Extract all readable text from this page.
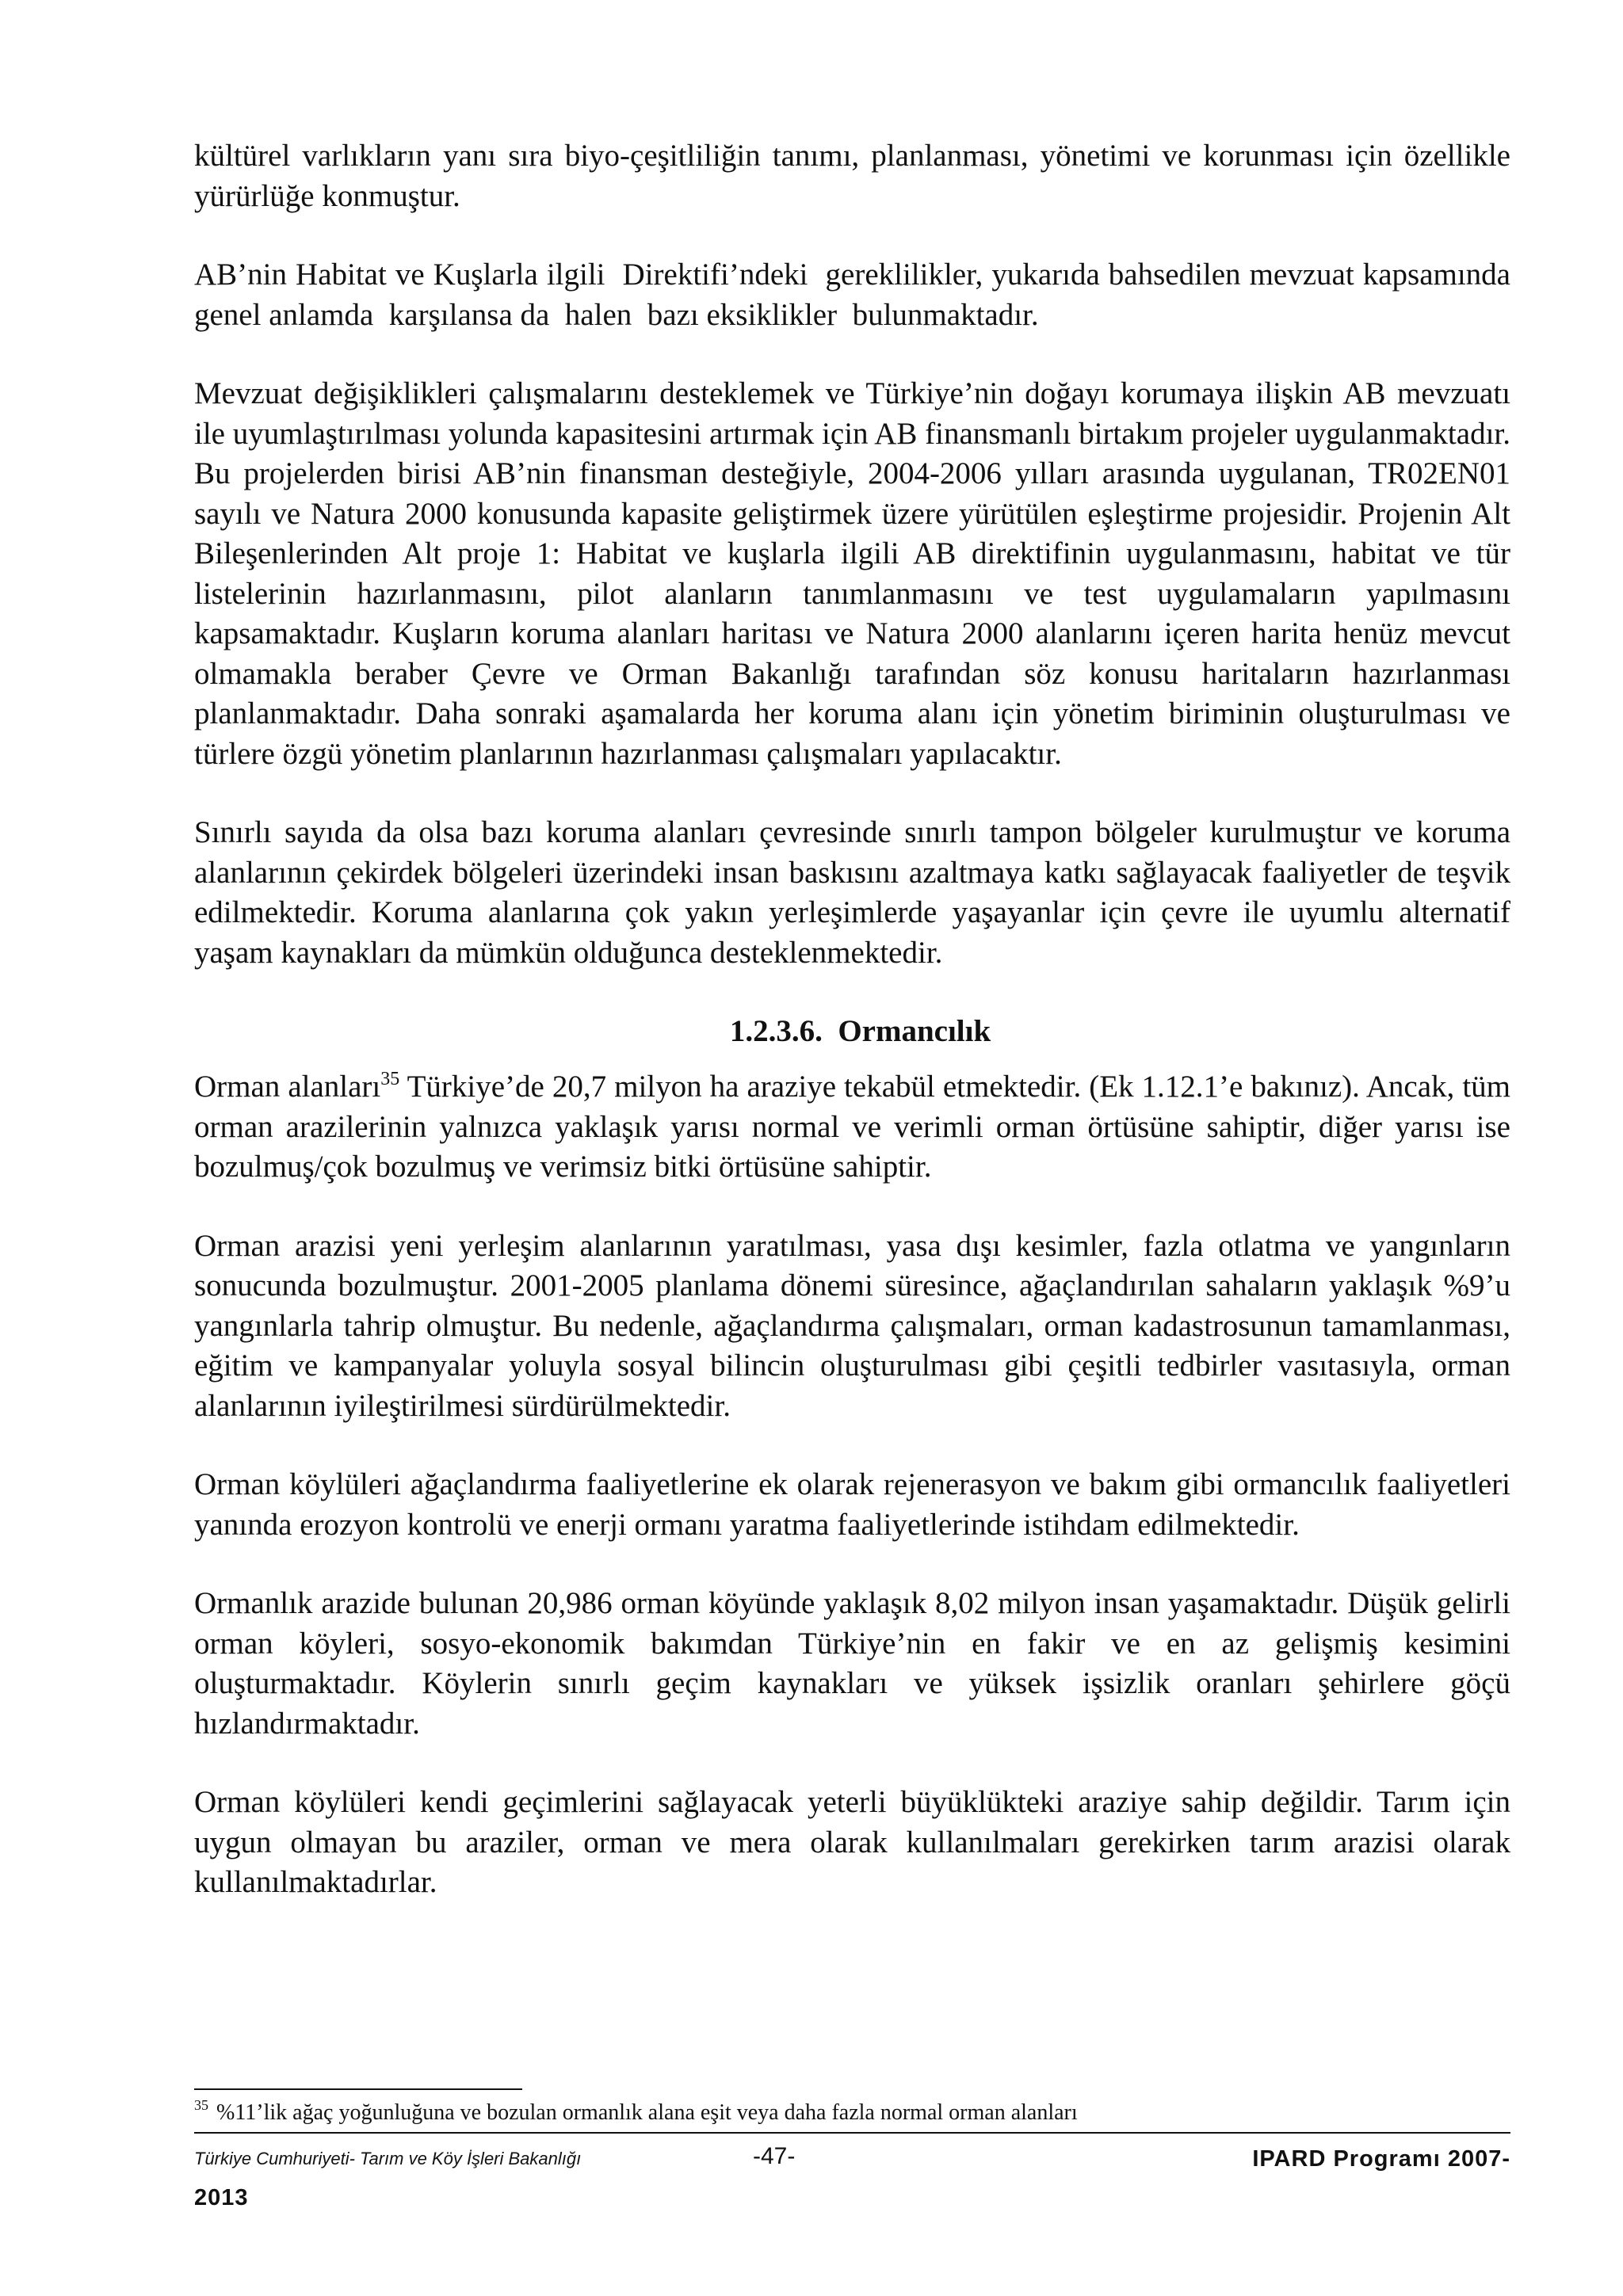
kültürel varlıkların yanı sıra biyo-çeşitliliğin tanımı, planlanması, yönetimi ve korunması için özellikle yürürlüğe konmuştur.

AB’nin Habitat ve Kuşlarla ilgili  Direktifi’ndeki  gereklilikler, yukarıda bahsedilen mevzuat kapsamında genel anlamda  karşılansa da  halen  bazı eksiklikler  bulunmaktadır.

Mevzuat değişiklikleri çalışmalarını desteklemek ve Türkiye’nin doğayı korumaya ilişkin AB mevzuatı ile uyumlaştırılması yolunda kapasitesini artırmak için AB finansmanlı birtakım projeler uygulanmaktadır. Bu projelerden birisi AB’nin finansman desteğiyle, 2004-2006 yılları arasında uygulanan, TR02EN01 sayılı ve Natura 2000 konusunda kapasite geliştirmek üzere yürütülen eşleştirme projesidir. Projenin Alt Bileşenlerinden Alt proje 1: Habitat ve kuşlarla ilgili AB direktifinin uygulanmasını, habitat ve tür listelerinin hazırlanmasını, pilot alanların tanımlanmasını ve test uygulamaların yapılmasını kapsamaktadır. Kuşların koruma alanları haritası ve Natura 2000 alanlarını içeren harita henüz mevcut olmamakla beraber Çevre ve Orman Bakanlığı tarafından söz konusu haritaların hazırlanması planlanmaktadır. Daha sonraki aşamalarda her koruma alanı için yönetim biriminin oluşturulması ve türlere özgü yönetim planlarının hazırlanması çalışmaları yapılacaktır.

Sınırlı sayıda da olsa bazı koruma alanları çevresinde sınırlı tampon bölgeler kurulmuştur ve koruma alanlarının çekirdek bölgeleri üzerindeki insan baskısını azaltmaya katkı sağlayacak faaliyetler de teşvik edilmektedir. Koruma alanlarına çok yakın yerleşimlerde yaşayanlar için çevre ile uyumlu alternatif yaşam kaynakları da mümkün olduğunca desteklenmektedir.

1.2.3.6.  Ormancılık

Orman alanları$^{35}$ Türkiye’de 20,7 milyon ha araziye tekabül etmektedir. (Ek 1.12.1’e bakınız). Ancak, tüm orman arazilerinin yalnızca yaklaşık yarısı normal ve verimli orman örtüsüne sahiptir, diğer yarısı ise bozulmuş/çok bozulmuş ve verimsiz bitki örtüsüne sahiptir.

Orman arazisi yeni yerleşim alanlarının yaratılması, yasa dışı kesimler, fazla otlatma ve yangınların sonucunda bozulmuştur. 2001-2005 planlama dönemi süresince, ağaçlandırılan sahaların yaklaşık %9’u yangınlarla tahrip olmuştur. Bu nedenle, ağaçlandırma çalışmaları, orman kadastrosunun tamamlanması, eğitim ve kampanyalar yoluyla sosyal bilincin oluşturulması gibi çeşitli tedbirler vasıtasıyla, orman alanlarının iyileştirilmesi sürdürülmektedir.

Orman köylüleri ağaçlandırma faaliyetlerine ek olarak rejenerasyon ve bakım gibi ormancılık faaliyetleri yanında erozyon kontrolü ve enerji ormanı yaratma faaliyetlerinde istihdam edilmektedir.

Ormanlık arazide bulunan 20,986 orman köyünde yaklaşık 8,02 milyon insan yaşamaktadır. Düşük gelirli orman köyleri, sosyo-ekonomik bakımdan Türkiye’nin en fakir ve en az gelişmiş kesimini oluşturmaktadır. Köylerin sınırlı geçim kaynakları ve yüksek işsizlik oranları şehirlere göçü hızlandırmaktadır.

Orman köylüleri kendi geçimlerini sağlayacak yeterli büyüklükteki araziye sahip değildir. Tarım için uygun olmayan bu araziler, orman ve mera olarak kullanılmaları gerekirken tarım arazisi olarak kullanılmaktadırlar.

$^{35}$ %11’lik ağaç yoğunluğuna ve bozulan ormanlık alana eşit veya daha fazla normal orman alanları
Türkiye Cumhuriyeti- Tarım ve Köy İşleri Bakanlığı	-47-	IPARD Programı 2007-
2013
